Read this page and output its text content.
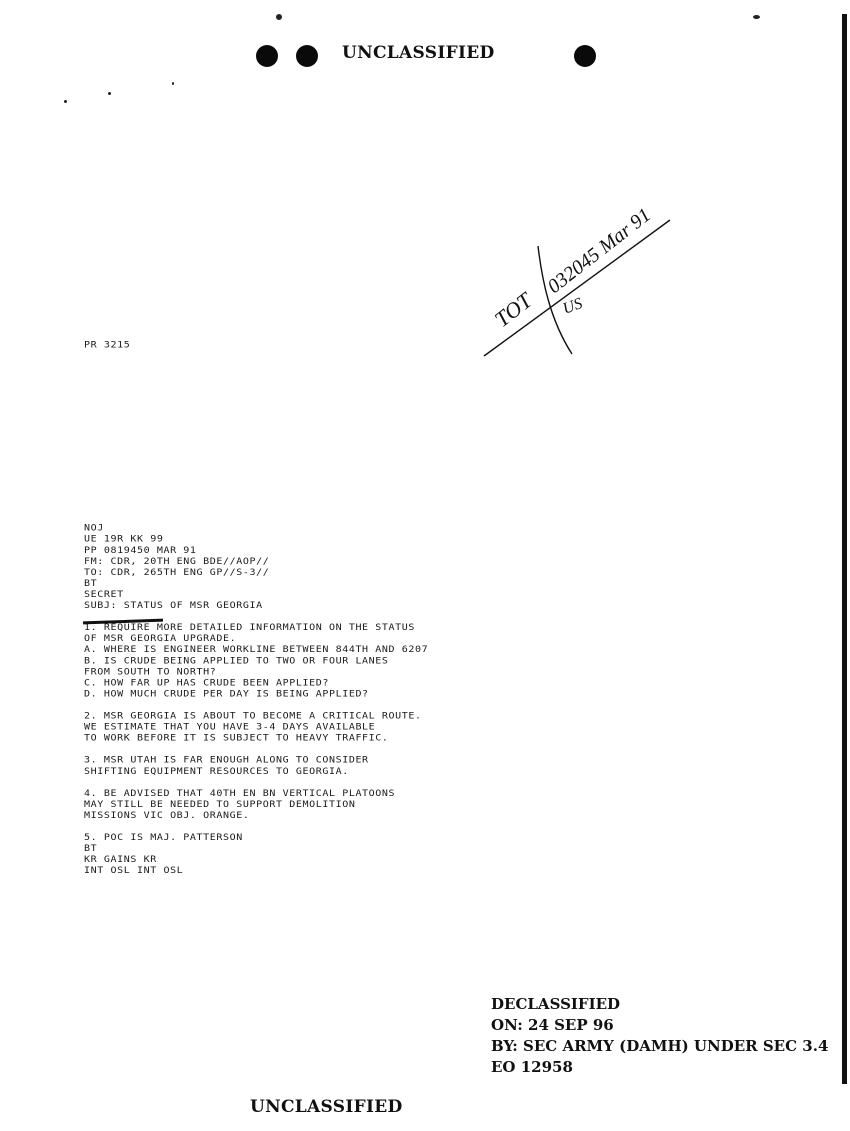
UNCLASSIFIED
TOT
032045 Mar 91
US
PR 3215
NOJ
UE 19R KK 99
PP 0819450 MAR 91
FM: CDR, 20TH ENG BDE//AOP//
TO: CDR, 265TH ENG GP//S-3//
BT
SECRET
SUBJ: STATUS OF MSR GEORGIA
1. REQUIRE MORE DETAILED INFORMATION ON THE STATUS
OF MSR GEORGIA UPGRADE.
A. WHERE IS ENGINEER WORKLINE BETWEEN 844TH AND 6207
B. IS CRUDE BEING APPLIED TO TWO OR FOUR LANES
FROM SOUTH TO NORTH?
C. HOW FAR UP HAS CRUDE BEEN APPLIED?
D. HOW MUCH CRUDE PER DAY IS BEING APPLIED?
2. MSR GEORGIA IS ABOUT TO BECOME A CRITICAL ROUTE.
WE ESTIMATE THAT YOU HAVE 3-4 DAYS AVAILABLE
TO WORK BEFORE IT IS SUBJECT TO HEAVY TRAFFIC.
3. MSR UTAH IS FAR ENOUGH ALONG TO CONSIDER
SHIFTING EQUIPMENT RESOURCES TO GEORGIA.
4. BE ADVISED THAT 40TH EN BN VERTICAL PLATOONS
MAY STILL BE NEEDED TO SUPPORT DEMOLITION
MISSIONS VIC OBJ. ORANGE.
5. POC IS MAJ. PATTERSON
BT
KR GAINS KR
INT OSL INT OSL
DECLASSIFIED
ON: 24 SEP 96
BY: SEC ARMY (DAMH) UNDER SEC 3.4
EO 12958
UNCLASSIFIED
